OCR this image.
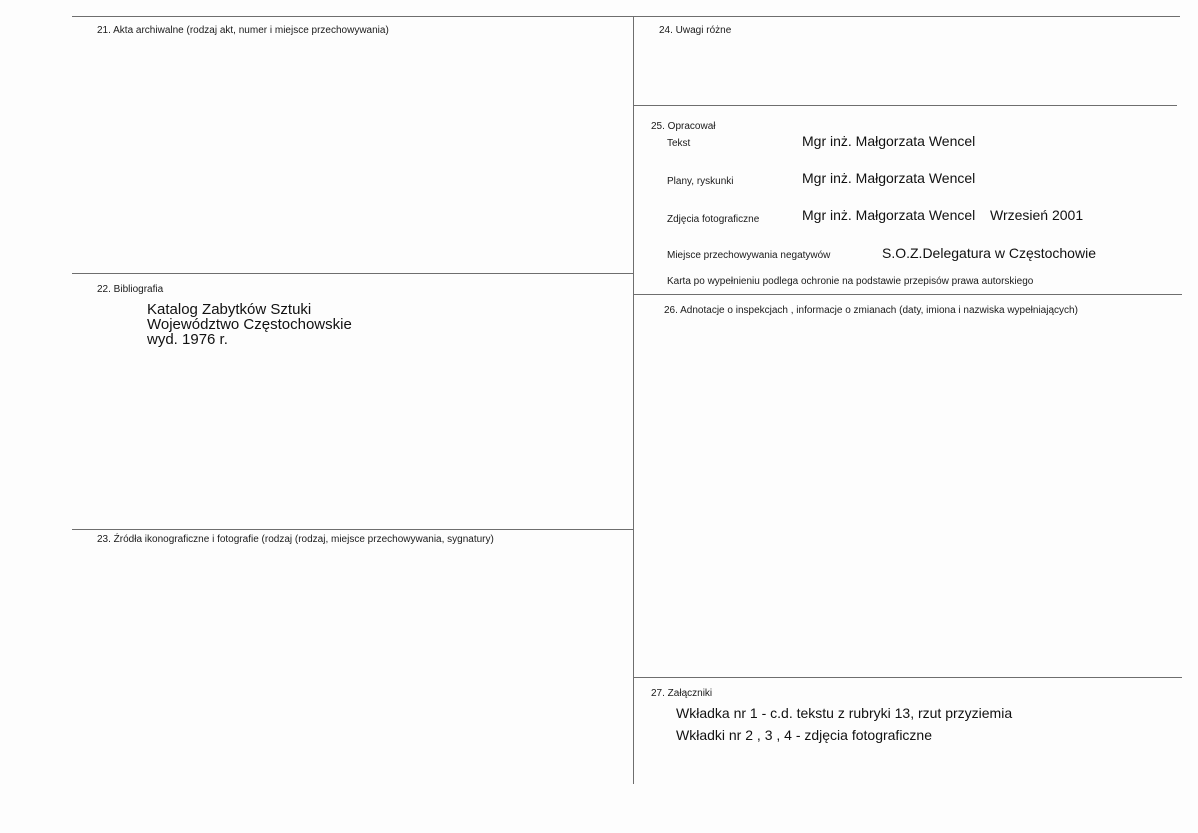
21. Akta archiwalne (rodzaj akt, numer i miejsce przechowywania)
22. Bibliografia
Katalog Zabytków Sztuki
Województwo Częstochowskie
wyd. 1976 r.
23. Źródła ikonograficzne i fotografie (rodzaj (rodzaj, miejsce przechowywania, sygnatury)
24. Uwagi różne
25. Opracował
Tekst	Mgr inż. Małgorzata Wencel
Plany, ryskunki	Mgr inż. Małgorzata Wencel
Zdjęcia fotograficzne	Mgr inż. Małgorzata Wencel Wrzesień 2001
Miejsce przechowywania negatywów	S.O.Z.Delegatura w Częstochowie
Karta po wypełnieniu podlega ochronie na podstawie przepisów prawa autorskiego
26. Adnotacje o inspekcjach , informacje o zmianach (daty, imiona i nazwiska wypełniających)
27. Załączniki
Wkładka nr 1 - c.d. tekstu z rubryki 13, rzut przyziemia
Wkładki nr 2 , 3 , 4 - zdjęcia fotograficzne
